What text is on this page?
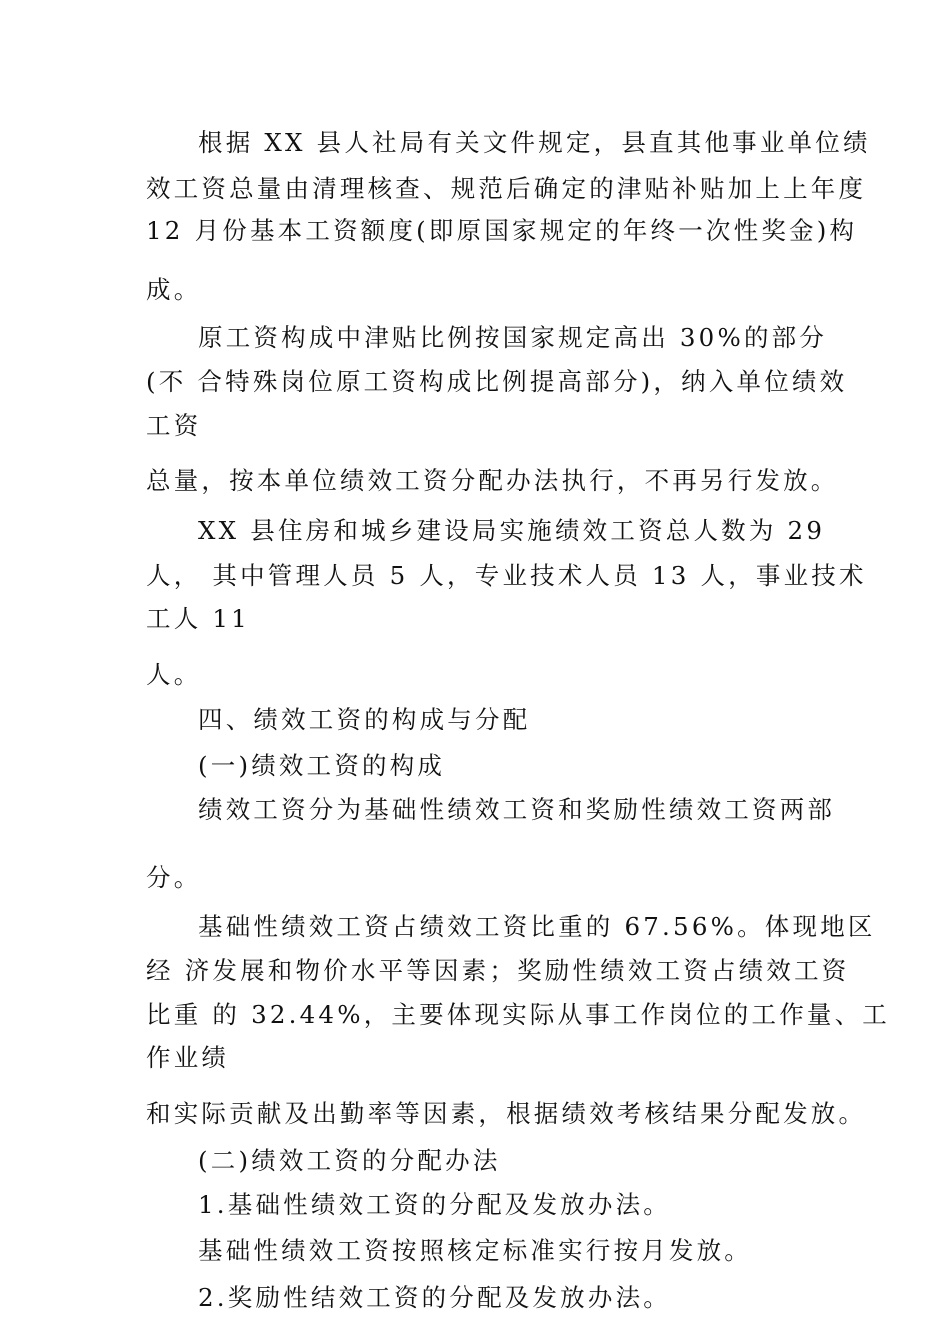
根据 XX 县人社局有关文件规定，县直其他事业单位绩

效工资总量由清理核查、规范后确定的津贴补贴加上上年度

12 月份基本工资额度(即原国家规定的年终一次性奖金)构

成。

原工资构成中津贴比例按国家规定高出 30%的部分

(不 合特殊岗位原工资构成比例提高部分)，纳入单位绩效

工资

总量，按本单位绩效工资分配办法执行，不再另行发放。

XX 县住房和城乡建设局实施绩效工资总人数为 29

人， 其中管理人员 5 人，专业技术人员 13 人，事业技术

工人 11

人。

四、绩效工资的构成与分配

(一)绩效工资的构成

绩效工资分为基础性绩效工资和奖励性绩效工资两部

分。

基础性绩效工资占绩效工资比重的 67.56%。体现地区

经 济发展和物价水平等因素；奖励性绩效工资占绩效工资

比重 的 32.44%，主要体现实际从事工作岗位的工作量、工

作业绩

和实际贡献及出勤率等因素，根据绩效考核结果分配发放。

(二)绩效工资的分配办法

1.基础性绩效工资的分配及发放办法。

基础性绩效工资按照核定标准实行按月发放。

2.奖励性结效工资的分配及发放办法。
